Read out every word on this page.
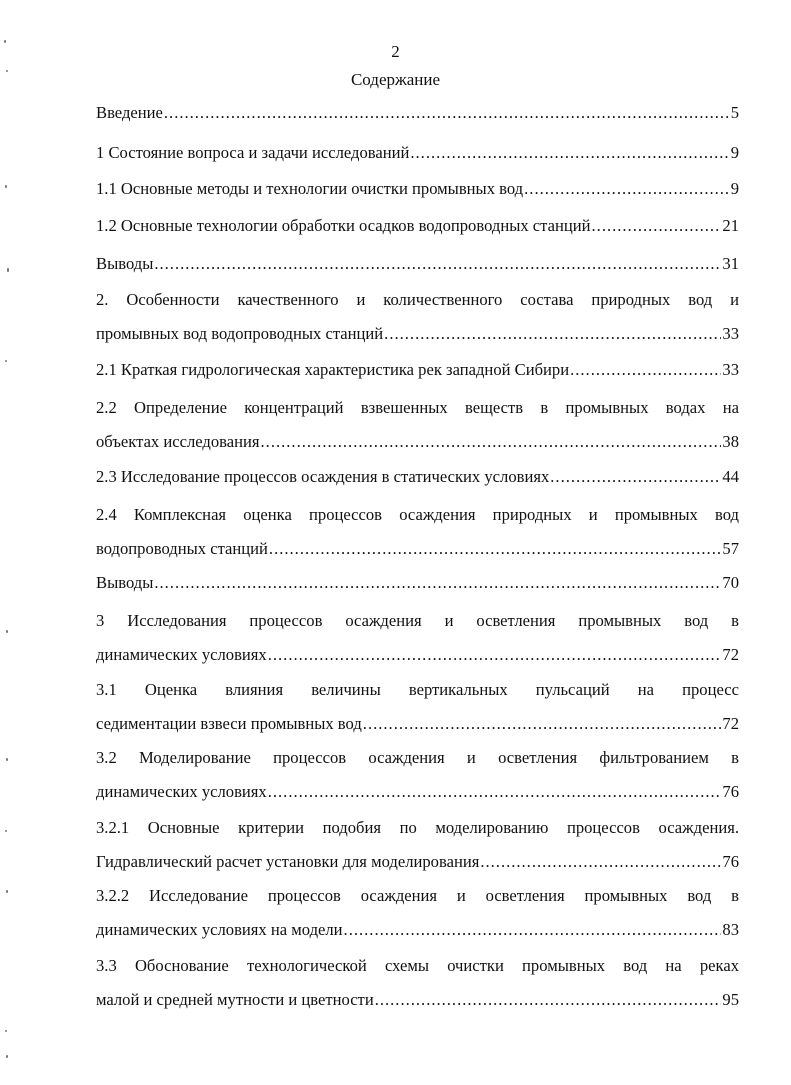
2
Содержание
Введение .....	5
1 Состояние вопроса и задачи исследований .....	9
1.1 Основные методы и технологии очистки промывных вод .....	9
1.2 Основные технологии обработки осадков водопроводных станций .....	21
Выводы .....	31
2. Особенности качественного и количественного состава природных вод и
промывных вод водопроводных станций .....	33
2.1 Краткая гидрологическая характеристика рек западной Сибири .....	33
2.2 Определение концентраций взвешенных веществ в промывных водах на
объектах исследования .....	38
2.3 Исследование процессов осаждения в статических условиях .....	44
2.4 Комплексная оценка процессов осаждения природных и промывных вод
водопроводных станций .....	57
Выводы .....	70
3 Исследования процессов осаждения и осветления промывных вод в
динамических условиях .....	72
3.1 Оценка влияния величины вертикальных пульсаций на процесс
седиментации взвеси промывных вод .....	72
3.2 Моделирование процессов осаждения и осветления фильтрованием в
динамических условиях .....	76
3.2.1 Основные критерии подобия по моделированию процессов осаждения.
Гидравлический расчет установки для моделирования .....	76
3.2.2 Исследование процессов осаждения и осветления промывных вод в
динамических условиях на модели .....	83
3.3 Обоснование технологической схемы очистки промывных вод на реках
малой и средней мутности и цветности .....	95
